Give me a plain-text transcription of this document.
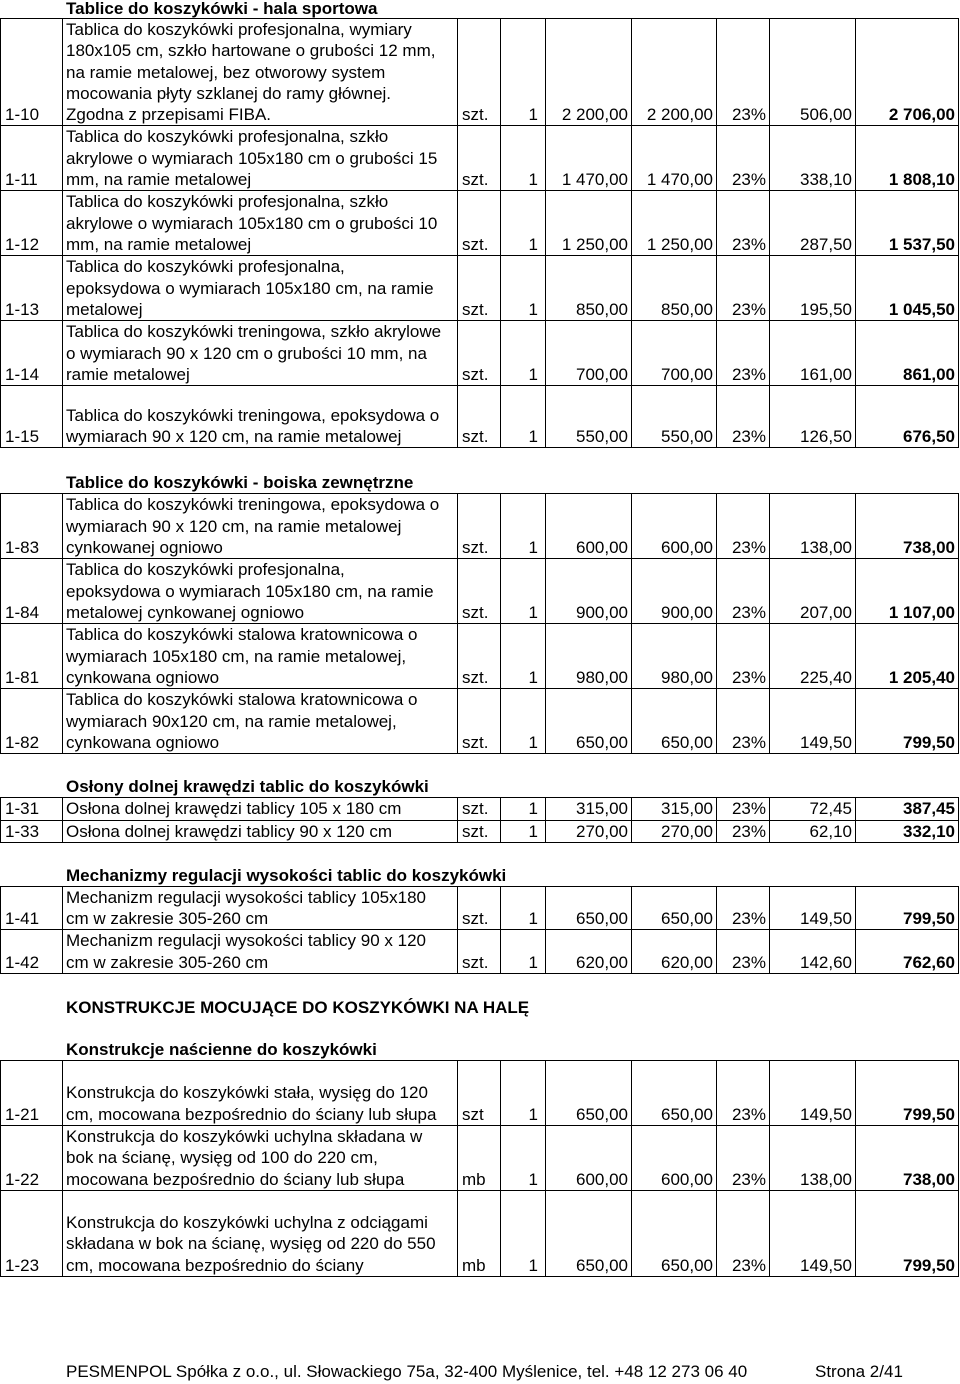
Tablice do koszykówki - hala sportowa
1-10	Tablica do koszykówki profesjonalna, wymiary
180x105 cm, szkło hartowane o grubości 12 mm,
na ramie metalowej, bez otworowy system
mocowania płyty szklanej do ramy głównej.
Zgodna z przepisami FIBA.	szt.	1	2 200,00	2 200,00	23%	506,00	2 706,00
1-11	Tablica do koszykówki profesjonalna, szkło
akrylowe o wymiarach 105x180 cm o grubości 15
mm, na ramie metalowej	szt.	1	1 470,00	1 470,00	23%	338,10	1 808,10
1-12	Tablica do koszykówki profesjonalna, szkło
akrylowe o wymiarach 105x180 cm o grubości 10
mm, na ramie metalowej	szt.	1	1 250,00	1 250,00	23%	287,50	1 537,50
1-13	Tablica do koszykówki profesjonalna,
epoksydowa o wymiarach 105x180 cm, na ramie
metalowej	szt.	1	850,00	850,00	23%	195,50	1 045,50
1-14	Tablica do koszykówki treningowa, szkło akrylowe
o wymiarach 90 x 120 cm o grubości 10 mm, na
ramie metalowej	szt.	1	700,00	700,00	23%	161,00	861,00
1-15	Tablica do koszykówki treningowa, epoksydowa o
wymiarach 90 x 120 cm, na ramie metalowej	szt.	1	550,00	550,00	23%	126,50	676,50
Tablice do koszykówki - boiska zewnętrzne
1-83	Tablica do koszykówki treningowa, epoksydowa o
wymiarach 90 x 120 cm, na ramie metalowej
cynkowanej ogniowo	szt.	1	600,00	600,00	23%	138,00	738,00
1-84	Tablica do koszykówki profesjonalna,
epoksydowa o wymiarach 105x180 cm, na ramie
metalowej cynkowanej ogniowo	szt.	1	900,00	900,00	23%	207,00	1 107,00
1-81	Tablica do koszykówki stalowa kratownicowa o
wymiarach 105x180 cm, na ramie metalowej,
cynkowana ogniowo	szt.	1	980,00	980,00	23%	225,40	1 205,40
1-82	Tablica do koszykówki stalowa kratownicowa o
wymiarach 90x120 cm, na ramie metalowej,
cynkowana ogniowo	szt.	1	650,00	650,00	23%	149,50	799,50
Osłony dolnej krawędzi tablic do koszykówki
1-31	Osłona dolnej krawędzi tablicy 105 x 180 cm	szt.	1	315,00	315,00	23%	72,45	387,45
1-33	Osłona dolnej krawędzi tablicy 90 x 120 cm	szt.	1	270,00	270,00	23%	62,10	332,10
Mechanizmy regulacji wysokości tablic do koszykówki
1-41	Mechanizm regulacji wysokości tablicy 105x180
cm w zakresie 305-260 cm	szt.	1	650,00	650,00	23%	149,50	799,50
1-42	Mechanizm regulacji wysokości tablicy 90 x 120
cm w zakresie 305-260 cm	szt.	1	620,00	620,00	23%	142,60	762,60
KONSTRUKCJE MOCUJĄCE DO KOSZYKÓWKI NA HALĘ
Konstrukcje naścienne do koszykówki
1-21	Konstrukcja do koszykówki stała, wysięg do 120
cm, mocowana bezpośrednio do ściany lub słupa	szt	1	650,00	650,00	23%	149,50	799,50
1-22	Konstrukcja do koszykówki uchylna składana w
bok na ścianę, wysięg od 100 do 220 cm,
mocowana bezpośrednio do ściany lub słupa	mb	1	600,00	600,00	23%	138,00	738,00
1-23	Konstrukcja do koszykówki uchylna z odciągami
składana w bok na ścianę, wysięg od 220 do 550
cm, mocowana bezpośrednio do ściany	mb	1	650,00	650,00	23%	149,50	799,50
PESMENPOL Spółka z o.o., ul. Słowackiego 75a, 32-400 Myślenice, tel. +48 12 273 06 40	Strona 2/41
